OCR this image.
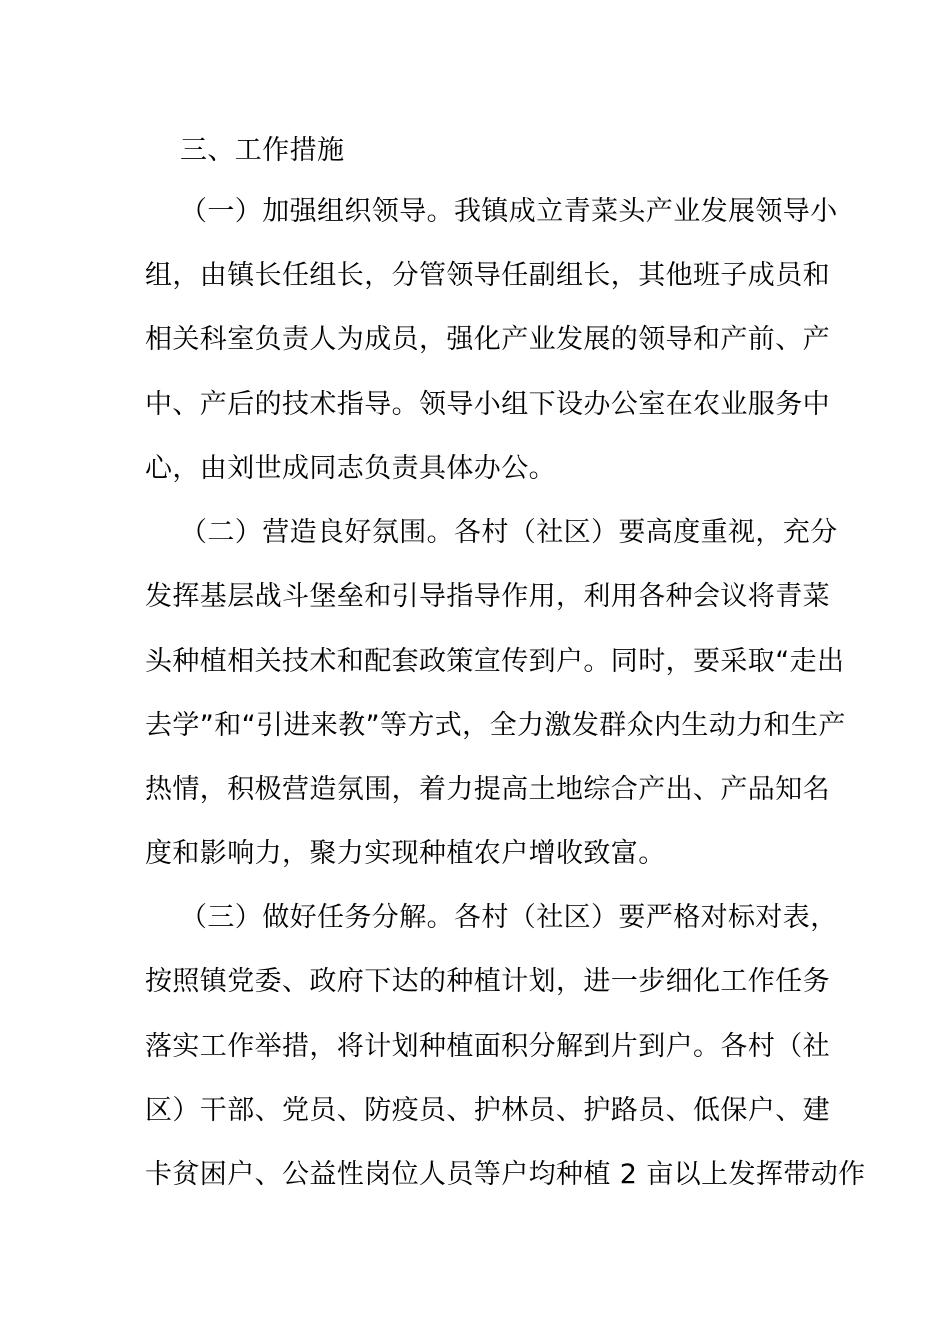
三、工作措施
（一）加强组织领导。我镇成立青菜头产业发展领导小
组，由镇长任组长，分管领导任副组长，其他班子成员和
相关科室负责人为成员，强化产业发展的领导和产前、产
中、产后的技术指导。领导小组下设办公室在农业服务中
心，由刘世成同志负责具体办公。
（二）营造良好氛围。各村（社区）要高度重视，充分
发挥基层战斗堡垒和引导指导作用，利用各种会议将青菜
头种植相关技术和配套政策宣传到户。同时，要采取“走出
去学”和“引进来教”等方式，全力激发群众内生动力和生产
热情，积极营造氛围，着力提高土地综合产出、产品知名
度和影响力，聚力实现种植农户增收致富。
（三）做好任务分解。各村（社区）要严格对标对表，
按照镇党委、政府下达的种植计划，进一步细化工作任务
落实工作举措，将计划种植面积分解到片到户。各村（社
区）干部、党员、防疫员、护林员、护路员、低保户、建
卡贫困户、公益性岗位人员等户均种植 2 亩以上发挥带动作
